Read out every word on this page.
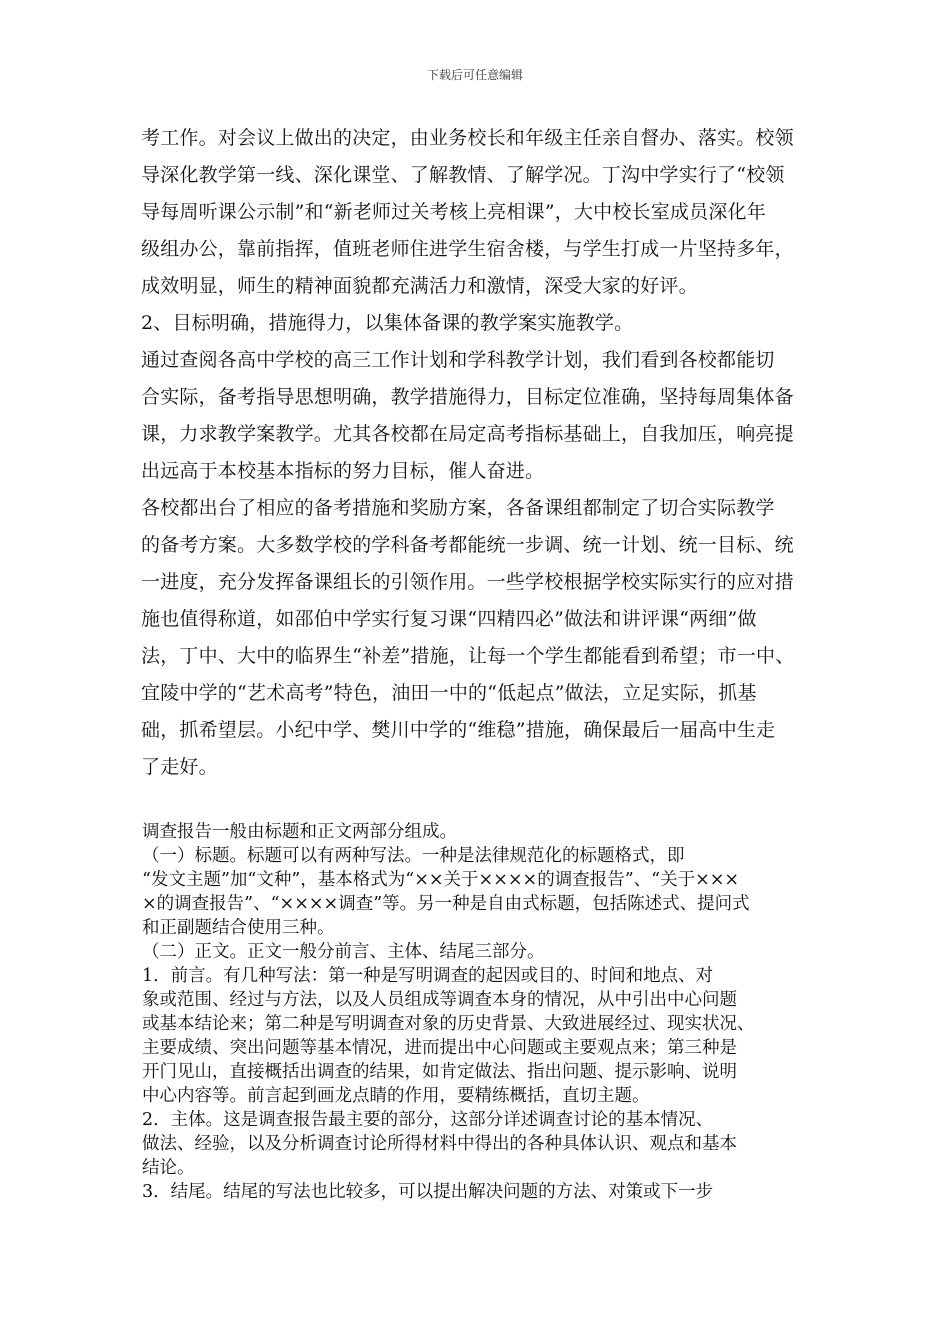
下载后可任意编辑
考工作。对会议上做出的决定，由业务校长和年级主任亲自督办、落实。校领
导深化教学第一线、深化课堂、了解教情、了解学况。丁沟中学实行了“校领
导每周听课公示制”和“新老师过关考核上亮相课”，大中校长室成员深化年
级组办公，靠前指挥，值班老师住进学生宿舍楼，与学生打成一片坚持多年，
成效明显，师生的精神面貌都充满活力和激情，深受大家的好评。
2、目标明确，措施得力，以集体备课的教学案实施教学。
通过查阅各高中学校的高三工作计划和学科教学计划，我们看到各校都能切
合实际，备考指导思想明确，教学措施得力，目标定位准确，坚持每周集体备
课，力求教学案教学。尤其各校都在局定高考指标基础上，自我加压，响亮提
出远高于本校基本指标的努力目标，催人奋进。
各校都出台了相应的备考措施和奖励方案，各备课组都制定了切合实际教学
的备考方案。大多数学校的学科备考都能统一步调、统一计划、统一目标、统
一进度，充分发挥备课组长的引领作用。一些学校根据学校实际实行的应对措
施也值得称道，如邵伯中学实行复习课“四精四必”做法和讲评课“两细”做
法，丁中、大中的临界生“补差”措施，让每一个学生都能看到希望；市一中、
宜陵中学的“艺术高考”特色，油田一中的“低起点”做法，立足实际，抓基
础，抓希望层。小纪中学、樊川中学的“维稳”措施，确保最后一届高中生走
了走好。
调查报告一般由标题和正文两部分组成。
（一）标题。标题可以有两种写法。一种是法律规范化的标题格式，即
“发文主题”加“文种”，基本格式为“××关于××××的调查报告”、“关于×××
×的调查报告”、“××××调查”等。另一种是自由式标题，包括陈述式、提问式
和正副题结合使用三种。
（二）正文。正文一般分前言、主体、结尾三部分。
1．前言。有几种写法：第一种是写明调查的起因或目的、时间和地点、对
象或范围、经过与方法，以及人员组成等调查本身的情况，从中引出中心问题
或基本结论来；第二种是写明调查对象的历史背景、大致进展经过、现实状况、
主要成绩、突出问题等基本情况，进而提出中心问题或主要观点来；第三种是
开门见山，直接概括出调查的结果，如肯定做法、指出问题、提示影响、说明
中心内容等。前言起到画龙点睛的作用，要精练概括，直切主题。
2．主体。这是调查报告最主要的部分，这部分详述调查讨论的基本情况、
做法、经验，以及分析调查讨论所得材料中得出的各种具体认识、观点和基本
结论。
3．结尾。结尾的写法也比较多，可以提出解决问题的方法、对策或下一步
